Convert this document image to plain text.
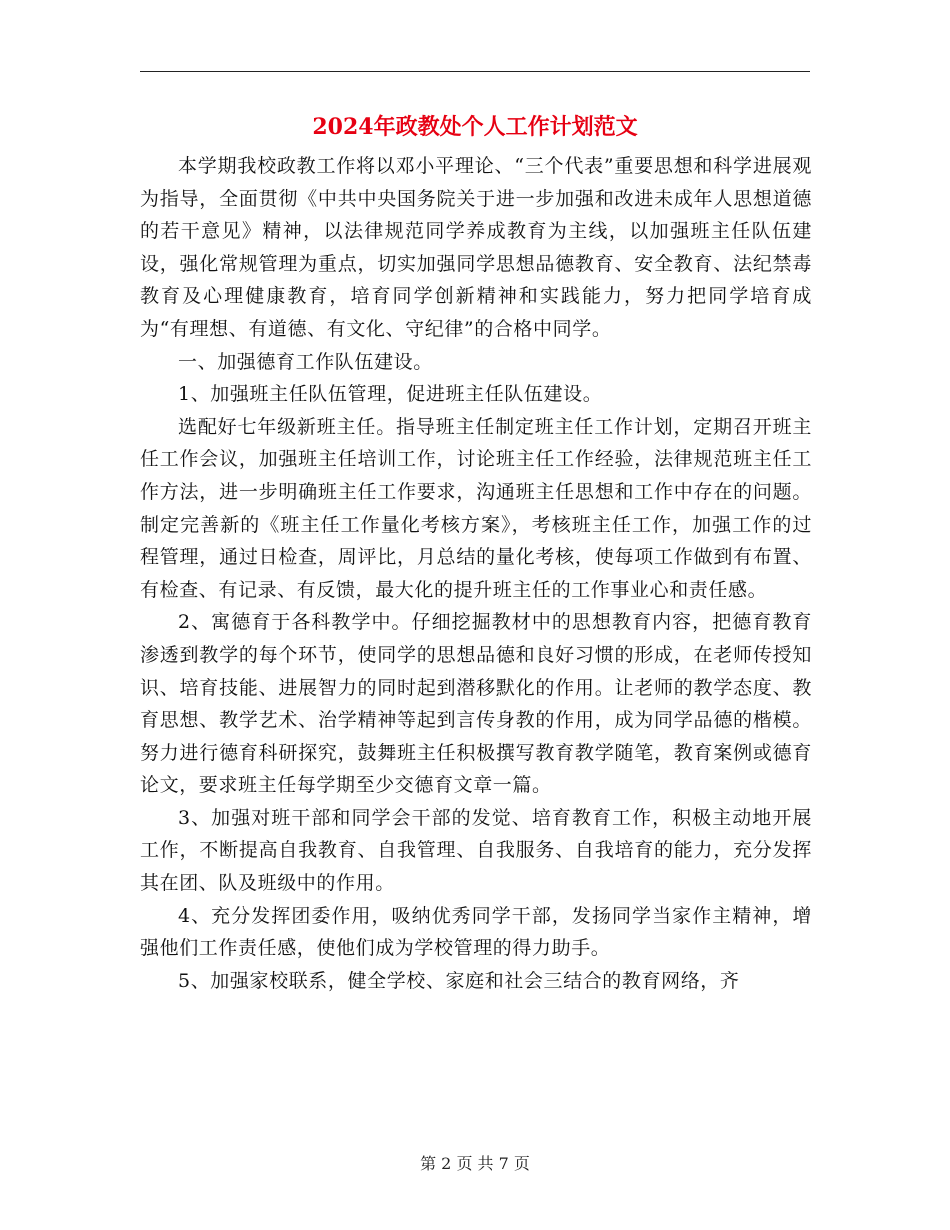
2024年政教处个人工作计划范文

本学期我校政教工作将以邓小平理论、“三个代表”重要思想和科学进展观为指导，全面贯彻《中共中央国务院关于进一步加强和改进未成年人思想道德的若干意见》精神，以法律规范同学养成教育为主线，以加强班主任队伍建设，强化常规管理为重点，切实加强同学思想品德教育、安全教育、法纪禁毒教育及心理健康教育，培育同学创新精神和实践能力，努力把同学培育成为“有理想、有道德、有文化、守纪律”的合格中同学。

一、加强德育工作队伍建设。

1、加强班主任队伍管理，促进班主任队伍建设。

选配好七年级新班主任。指导班主任制定班主任工作计划，定期召开班主任工作会议，加强班主任培训工作，讨论班主任工作经验，法律规范班主任工作方法，进一步明确班主任工作要求，沟通班主任思想和工作中存在的问题。制定完善新的《班主任工作量化考核方案》，考核班主任工作，加强工作的过程管理，通过日检查，周评比，月总结的量化考核，使每项工作做到有布置、有检查、有记录、有反馈，最大化的提升班主任的工作事业心和责任感。

2、寓德育于各科教学中。仔细挖掘教材中的思想教育内容，把德育教育渗透到教学的每个环节，使同学的思想品德和良好习惯的形成，在老师传授知识、培育技能、进展智力的同时起到潜移默化的作用。让老师的教学态度、教育思想、教学艺术、治学精神等起到言传身教的作用，成为同学品德的楷模。努力进行德育科研探究，鼓舞班主任积极撰写教育教学随笔，教育案例或德育论文，要求班主任每学期至少交德育文章一篇。

3、加强对班干部和同学会干部的发觉、培育教育工作，积极主动地开展工作，不断提高自我教育、自我管理、自我服务、自我培育的能力，充分发挥其在团、队及班级中的作用。

4、充分发挥团委作用，吸纳优秀同学干部，发扬同学当家作主精神，增强他们工作责任感，使他们成为学校管理的得力助手。

5、加强家校联系，健全学校、家庭和社会三结合的教育网络，齐

第 2 页 共 7 页
